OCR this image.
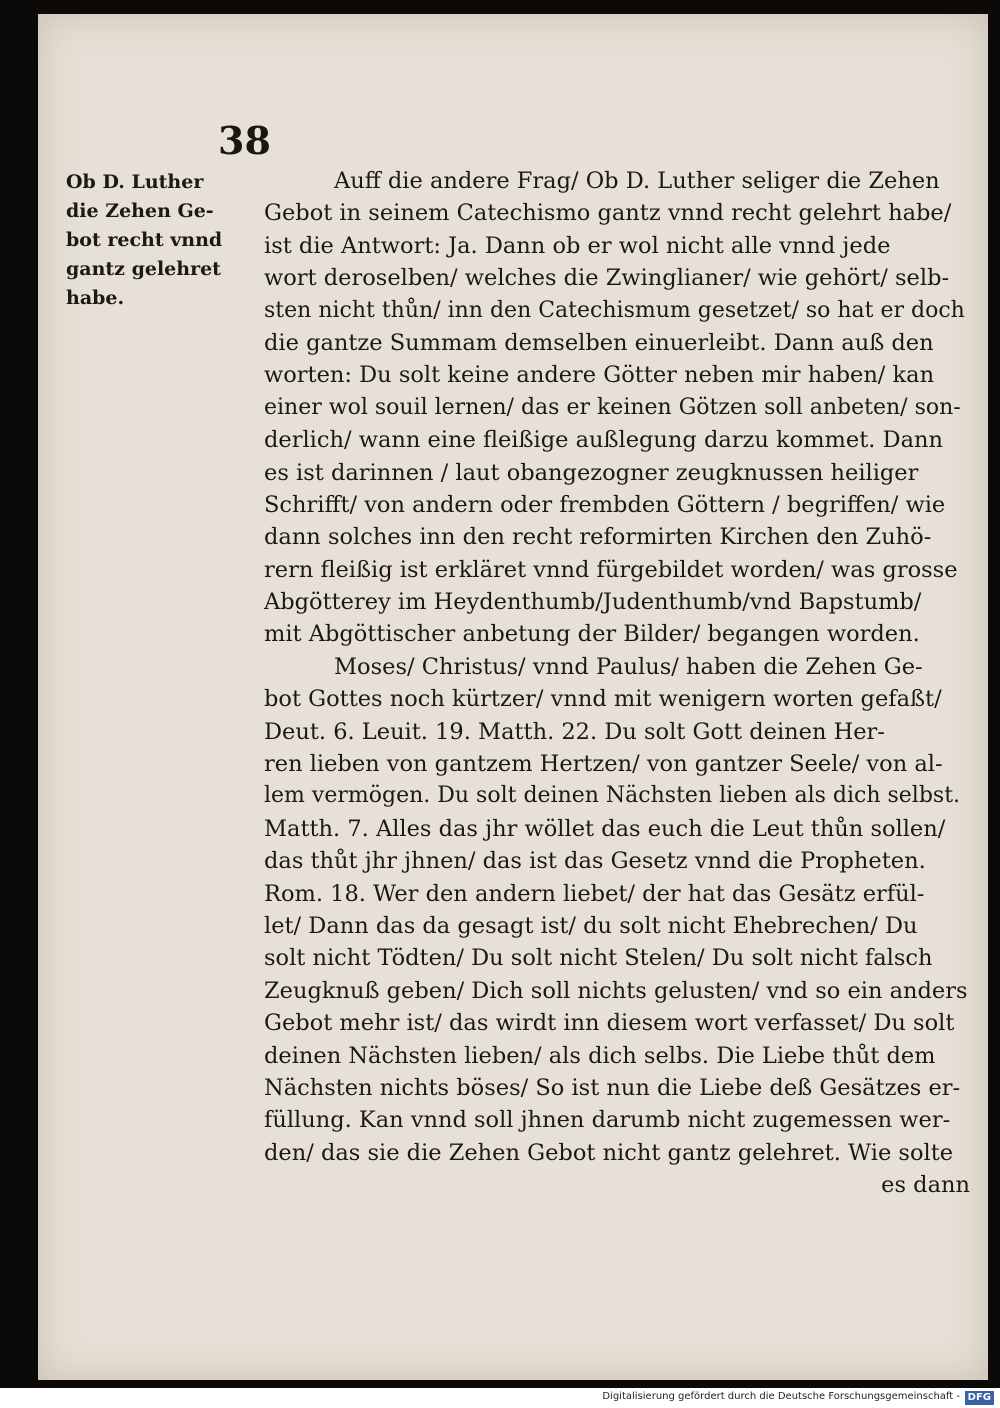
38
Ob D. Luther
die Zehen Ge-
bot recht vnnd
gantz gelehret
habe.
Auff die andere Frag/ Ob D. Luther seliger die Zehen
Gebot in seinem Catechismo gantz vnnd recht gelehrt habe/
ist die Antwort: Ja. Dann ob er wol nicht alle vnnd jede
wort deroselben/ welches die Zwinglianer/ wie gehört/ selb-
sten nicht thůn/ inn den Catechismum gesetzet/ so hat er doch
die gantze Summam demselben einuerleibt. Dann auß den
worten: Du solt keine andere Götter neben mir haben/ kan
einer wol souil lernen/ das er keinen Götzen soll anbeten/ son-
derlich/ wann eine fleißige außlegung darzu kommet. Dann
es ist darinnen / laut obangezogner zeugknussen heiliger
Schrifft/ von andern oder frembden Göttern / begriffen/ wie
dann solches inn den recht reformirten Kirchen den Zuhö-
rern fleißig ist erkläret vnnd fürgebildet worden/ was grosse
Abgötterey im Heydenthumb/Judenthumb/vnd Bapstumb/
mit Abgöttischer anbetung der Bilder/ begangen worden.
Moses/ Christus/ vnnd Paulus/ haben die Zehen Ge-
bot Gottes noch kürtzer/ vnnd mit wenigern worten gefaßt/
Deut. 6. Leuit. 19. Matth. 22. Du solt Gott deinen Her-
ren lieben von gantzem Hertzen/ von gantzer Seele/ von al-
lem vermögen. Du solt deinen Nächsten lieben als dich selbst.
Matth. 7. Alles das jhr wöllet das euch die Leut thůn sollen/
das thůt jhr jhnen/ das ist das Gesetz vnnd die Propheten.
Rom. 18. Wer den andern liebet/ der hat das Gesätz erfül-
let/ Dann das da gesagt ist/ du solt nicht Ehebrechen/ Du
solt nicht Tödten/ Du solt nicht Stelen/ Du solt nicht falsch
Zeugknuß geben/ Dich soll nichts gelusten/ vnd so ein anders
Gebot mehr ist/ das wirdt inn diesem wort verfasset/ Du solt
deinen Nächsten lieben/ als dich selbs. Die Liebe thůt dem
Nächsten nichts böses/ So ist nun die Liebe deß Gesätzes er-
füllung. Kan vnnd soll jhnen darumb nicht zugemessen wer-
den/ das sie die Zehen Gebot nicht gantz gelehret. Wie solte
es dann
Digitalisierung gefördert durch die Deutsche Forschungsgemeinschaft - DFG
